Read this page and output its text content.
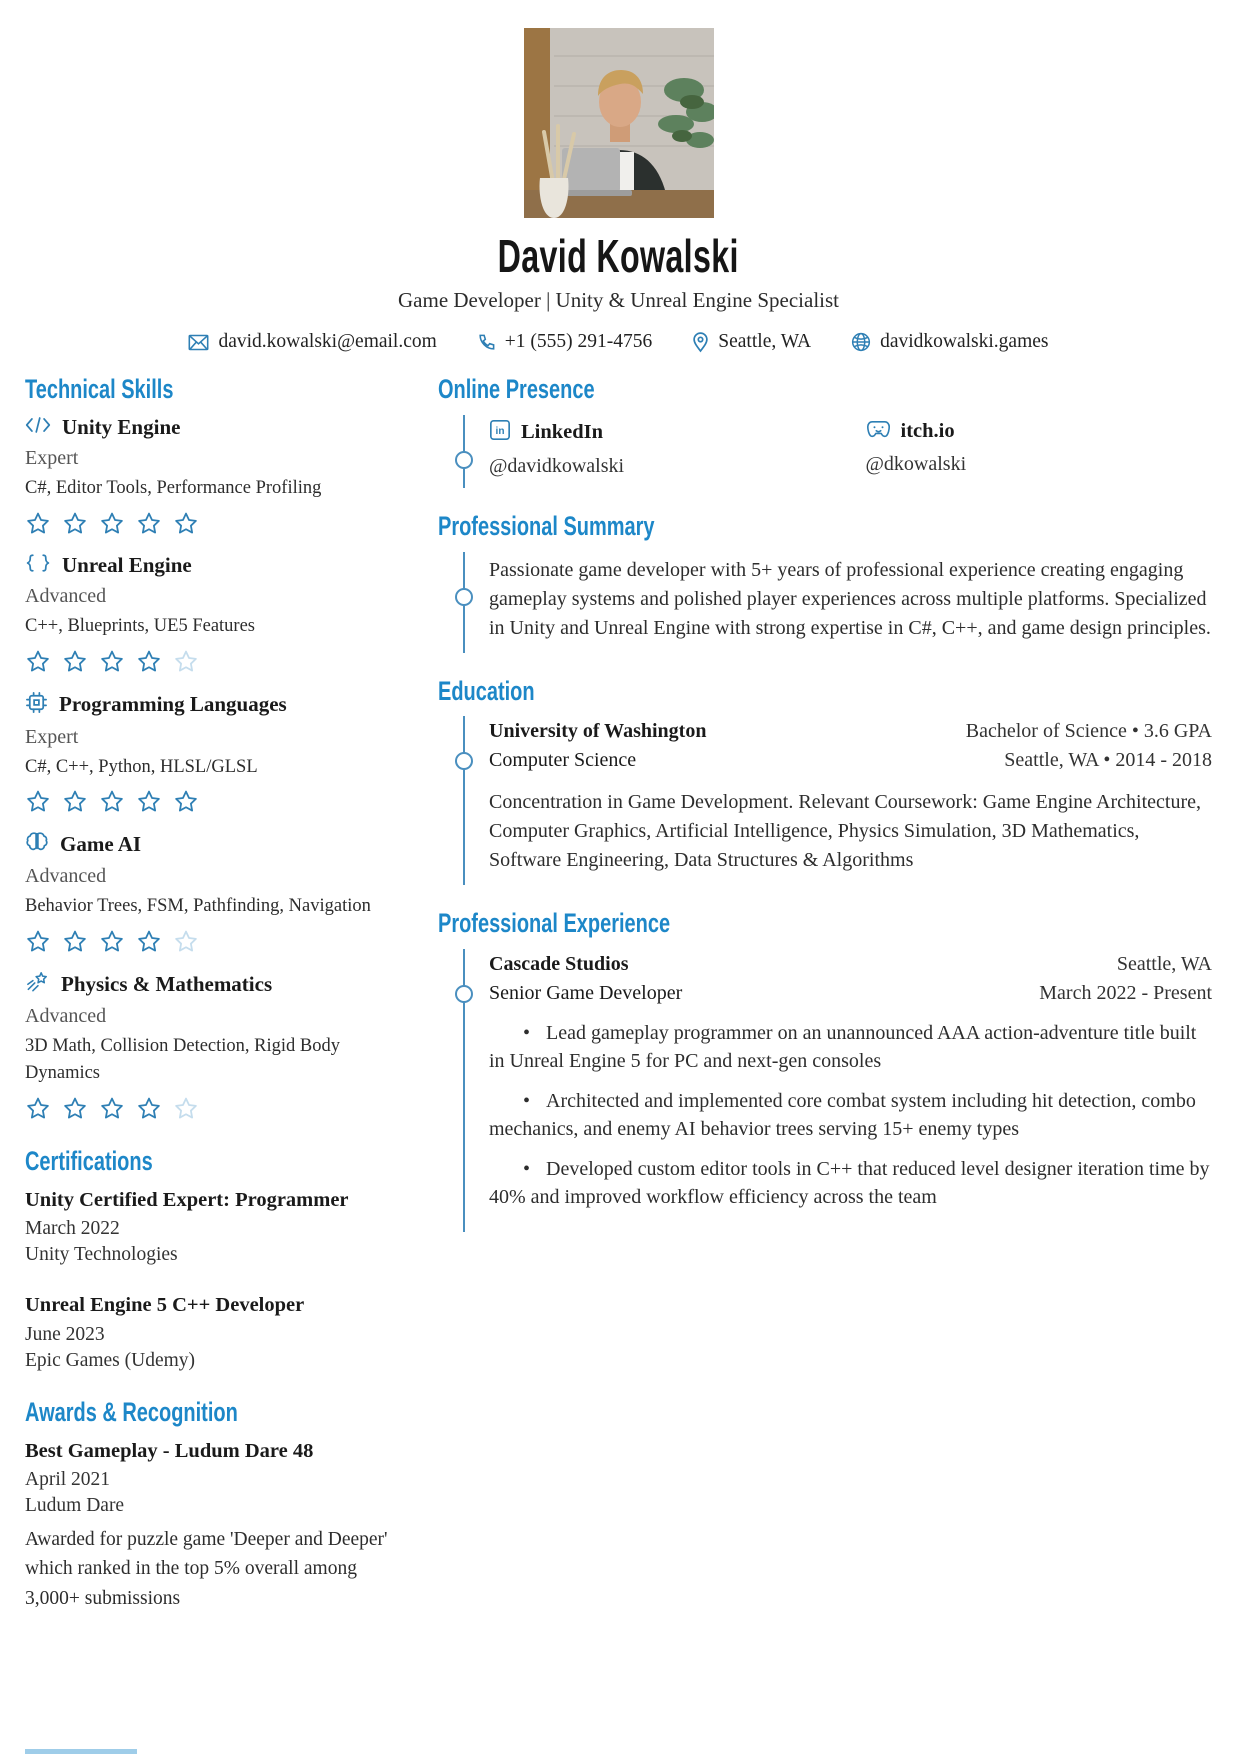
David Kowalski
Game Developer | Unity & Unreal Engine Specialist
david.kowalski@email.com	+1 (555) 291-4756	Seattle, WA	davidkowalski.games
Technical Skills
Unity Engine
Expert
C#, Editor Tools, Performance Profiling
Unreal Engine
Advanced
C++, Blueprints, UE5 Features
Programming Languages
Expert
C#, C++, Python, HLSL/GLSL
Game AI
Advanced
Behavior Trees, FSM, Pathfinding, Navigation
Physics & Mathematics
Advanced
3D Math, Collision Detection, Rigid Body Dynamics
Certifications
Unity Certified Expert: Programmer
March 2022
Unity Technologies
Unreal Engine 5 C++ Developer
June 2023
Epic Games (Udemy)
Awards & Recognition
Best Gameplay - Ludum Dare 48
April 2021
Ludum Dare
Awarded for puzzle game 'Deeper and Deeper' which ranked in the top 5% overall among 3,000+ submissions
Online Presence
in LinkedIn
@davidkowalski
itch.io
@dkowalski
Professional Summary

Passionate game developer with 5+ years of professional experience creating engaging gameplay systems and polished player experiences across multiple platforms. Specialized in Unity and Unreal Engine with strong expertise in C#, C++, and game design principles.

Education
University of Washington	Bachelor of Science • 3.6 GPA
Computer Science	Seattle, WA • 2014 - 2018
Concentration in Game Development. Relevant Coursework: Game Engine Architecture, Computer Graphics, Artificial Intelligence, Physics Simulation, 3D Mathematics, Software Engineering, Data Structures & Algorithms
Professional Experience
Cascade Studios	Seattle, WA
Senior Game Developer	March 2022 - Present
• Lead gameplay programmer on an unannounced AAA action-adventure title built in Unreal Engine 5 for PC and next-gen consoles
• Architected and implemented core combat system including hit detection, combo mechanics, and enemy AI behavior trees serving 15+ enemy types
• Developed custom editor tools in C++ that reduced level designer iteration time by 40% and improved workflow efficiency across the team
